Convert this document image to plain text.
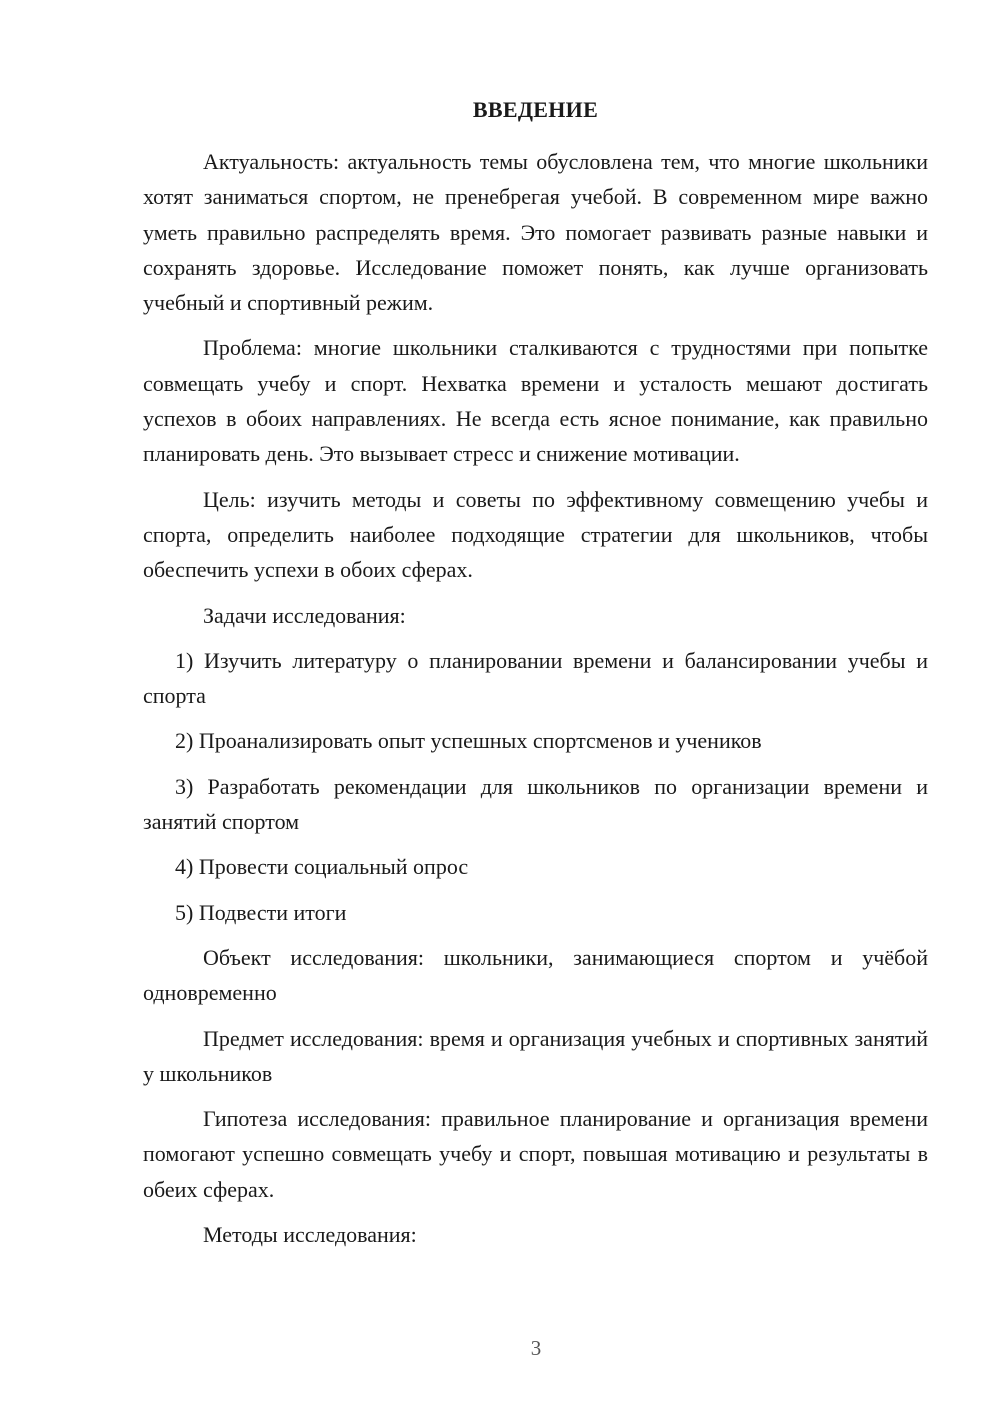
ВВЕДЕНИЕ

Актуальность: актуальность темы обусловлена тем, что многие школьники хотят заниматься спортом, не пренебрегая учебой. В современном мире важно уметь правильно распределять время. Это помогает развивать разные навыки и сохранять здоровье. Исследование поможет понять, как лучше организовать учебный и спортивный режим.

Проблема: многие школьники сталкиваются с трудностями при попытке совмещать учебу и спорт. Нехватка времени и усталость мешают достигать успехов в обоих направлениях. Не всегда есть ясное понимание, как правильно планировать день. Это вызывает стресс и снижение мотивации.

Цель: изучить методы и советы по эффективному совмещению учебы и спорта, определить наиболее подходящие стратегии для школьников, чтобы обеспечить успехи в обоих сферах.

Задачи исследования:

1) Изучить литературу о планировании времени и балансировании учебы и спорта

2) Проанализировать опыт успешных спортсменов и учеников

3) Разработать рекомендации для школьников по организации времени и занятий спортом

4) Провести социальный опрос

5) Подвести итоги

Объект исследования: школьники, занимающиеся спортом и учёбой одновременно

Предмет исследования: время и организация учебных и спортивных занятий у школьников

Гипотеза исследования: правильное планирование и организация времени помогают успешно совмещать учебу и спорт, повышая мотивацию и результаты в обеих сферах.

Методы исследования:

3
